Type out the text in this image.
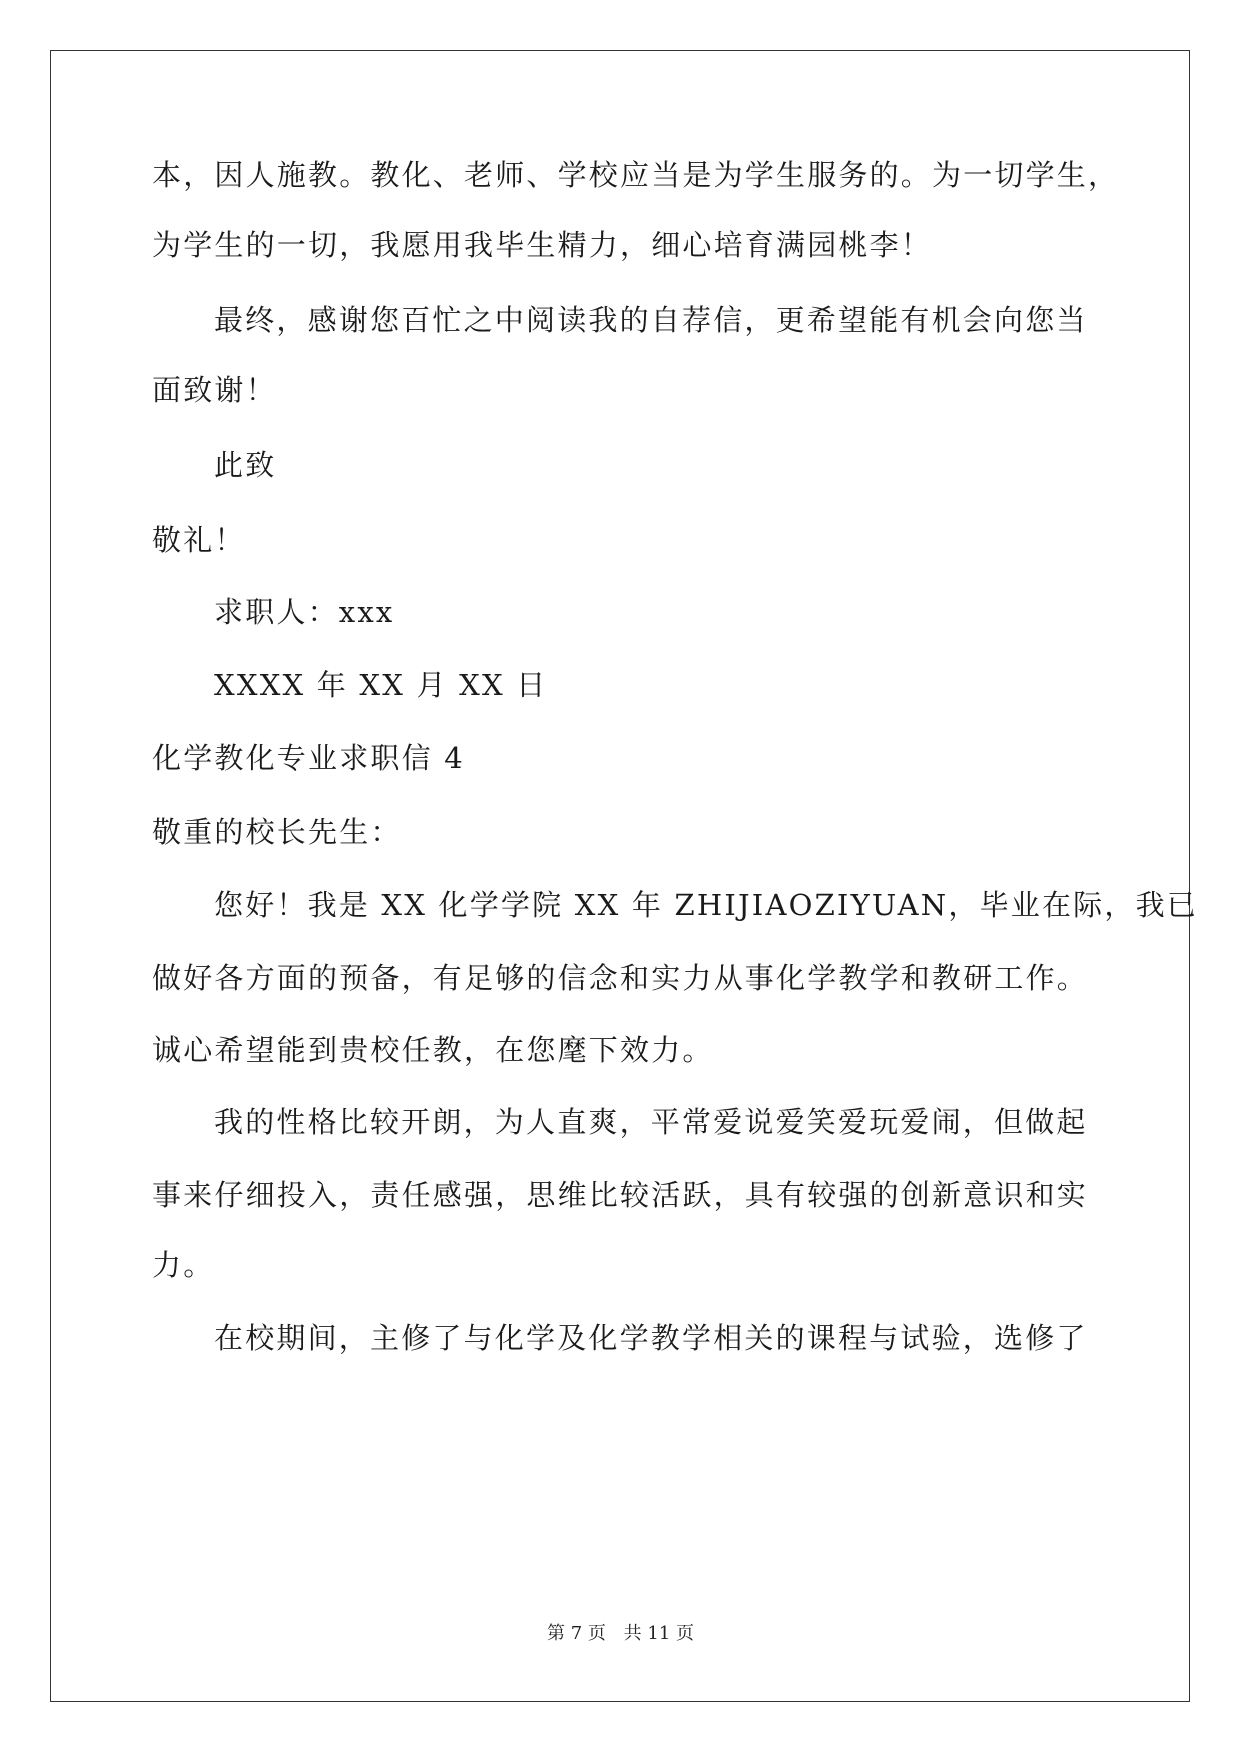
本，因人施教。教化、老师、学校应当是为学生服务的。为一切学生，
为学生的一切，我愿用我毕生精力，细心培育满园桃李！
最终，感谢您百忙之中阅读我的自荐信，更希望能有机会向您当
面致谢！
此致
敬礼！
求职人：xxx
XXXX 年 XX 月 XX 日
化学教化专业求职信 4
敬重的校长先生：
您好！我是 XX 化学学院 XX 年 ZHIJIAOZIYUAN，毕业在际，我已
做好各方面的预备，有足够的信念和实力从事化学教学和教研工作。
诚心希望能到贵校任教，在您麾下效力。
我的性格比较开朗，为人直爽，平常爱说爱笑爱玩爱闹，但做起
事来仔细投入，责任感强，思维比较活跃，具有较强的创新意识和实
力。
在校期间，主修了与化学及化学教学相关的课程与试验，选修了
第 7 页 共 11 页
